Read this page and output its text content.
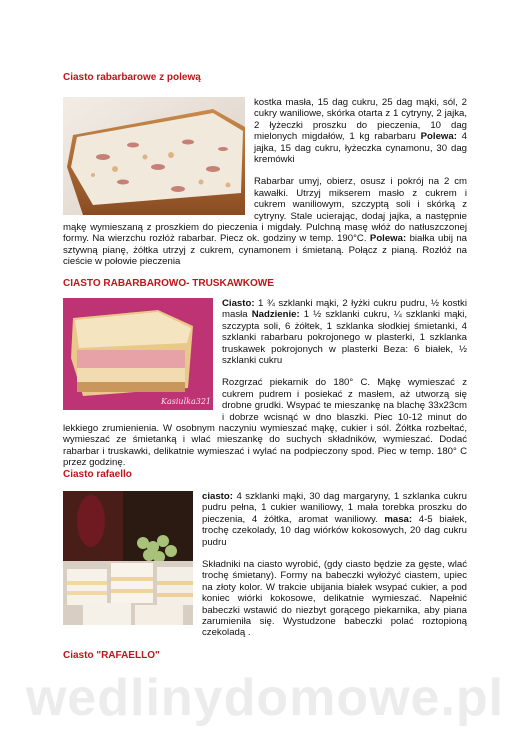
wedlinydomowe.pl
Ciasto rabarbarowe z polewą
kostka masła, 15 dag cukru, 25 dag mąki, sól, 2 cukry waniliowe, skórka otarta z 1 cytryny, 2 jajka, 2 łyżeczki proszku do pieczenia, 10 dag mielonych migdałów, 1 kg rabarbaru Polewa: 4 jajka, 15 dag cukru, łyżeczka cynamonu, 30 dag kremówki
Rabarbar umyj, obierz, osusz i pokrój na 2 cm kawałki. Utrzyj mikserem masło z cukrem i cukrem waniliowym, szczyptą soli i skórką z cytryny. Stale ucierając, dodaj jajka, a następnie mąkę wymieszaną z proszkiem do pieczenia i migdały. Pulchną masę włóż do natłuszczonej formy. Na wierzchu rozłóż rabarbar. Piecz ok. godziny w temp. 190°C. Polewa: białka ubij na sztywną pianę, żółtka utrzyj z cukrem, cynamonem i śmietaną. Połącz z pianą. Rozłóż na cieście w połowie pieczenia
CIASTO RABARBAROWO- TRUSKAWKOWE
Kasiulka321
Ciasto: 1 ¾ szklanki mąki, 2 łyżki cukru pudru, ½ kostki masła Nadzienie: 1 ½ szklanki cukru, ¼ szklanki mąki, szczypta soli, 6 żółtek, 1 szklanka słodkiej śmietanki, 4 szklanki rabarbaru pokrojonego w plasterki, 1 szklanka truskawek pokrojonych w plasterki Beza: 6 białek, ½ szklanki cukru
Rozgrzać piekarnik do 180° C. Mąkę wymieszać z cukrem pudrem i posiekać z masłem, aż utworzą się drobne grudki. Wsypać te mieszankę na blachę 33x23cm i dobrze wcisnąć w dno blaszki. Piec 10-12 minut do lekkiego zrumienienia. W osobnym naczyniu wymieszać mąkę, cukier i sól. Żółtka rozbełtać, wymieszać ze śmietanką i wlać mieszankę do suchych składników, wymieszać. Dodać rabarbar i truskawki, delikatnie wymieszać i wylać na podpieczony spod. Piec w temp. 180° C przez godzinę.
Ciasto rafaello
ciasto: 4 szklanki mąki, 30 dag margaryny, 1 szklanka cukru pudru pełna, 1 cukier waniliowy, 1 mała torebka proszku do pieczenia, 4 żółtka, aromat waniliowy. masa: 4-5 białek, trochę czekolady, 10 dag wiórków kokosowych, 20 dag cukru pudru
Składniki na ciasto wyrobić, (gdy ciasto będzie za gęste, wlać trochę śmietany). Formy na babeczki wyłożyć ciastem, upiec na złoty kolor. W trakcie ubijania białek wsypać cukier, a pod koniec wiórki kokosowe, delikatnie wymieszać. Napełnić babeczki wstawić do niezbyt gorącego piekarnika, aby piana zarumieniła się. Wystudzone babeczki polać roztopioną czekoladą .
Ciasto "RAFAELLO"
